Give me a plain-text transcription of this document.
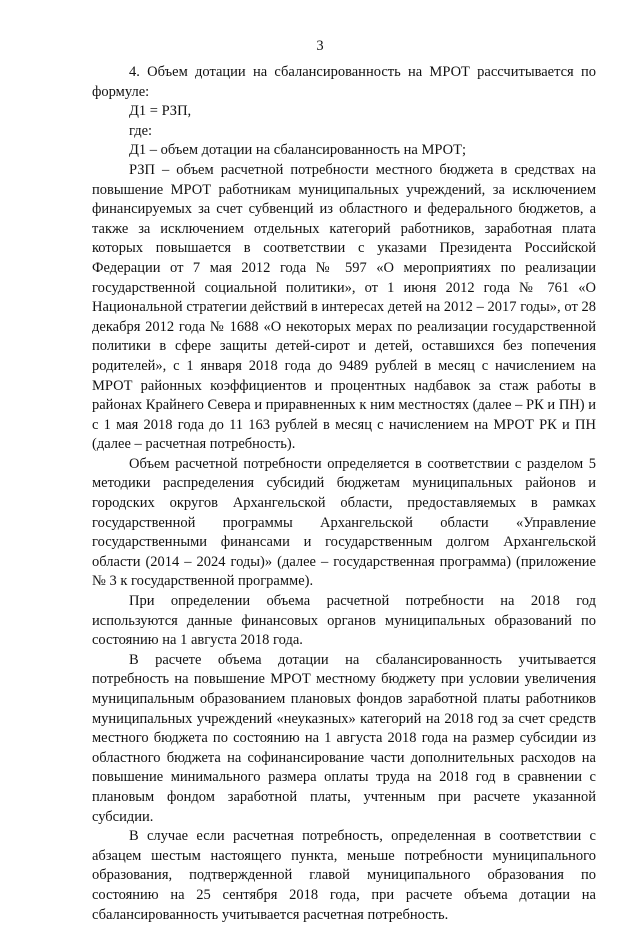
3

4. Объем дотации на сбалансированность на МРОТ рассчитывается по формуле:

Д1 = РЗП,

где:

Д1 – объем дотации на сбалансированность на МРОТ;

РЗП – объем расчетной потребности местного бюджета в средствах на повышение МРОТ работникам муниципальных учреждений, за исключением финансируемых за счет субвенций из областного и федерального бюджетов, а также за исключением отдельных категорий работников, заработная плата которых повышается в соответствии с указами Президента Российской Федерации от 7 мая 2012 года № 597 «О мероприятиях по реализации государственной социальной политики», от 1 июня 2012 года № 761 «О Национальной стратегии действий в интересах детей на 2012 – 2017 годы», от 28 декабря 2012 года № 1688 «О некоторых мерах по реализации государственной политики в сфере защиты детей-сирот и детей, оставшихся без попечения родителей», с 1 января 2018 года до 9489 рублей в месяц с начислением на МРОТ районных коэффициентов и процентных надбавок за стаж работы в районах Крайнего Севера и приравненных к ним местностях (далее – РК и ПН) и с 1 мая 2018 года до 11 163 рублей в месяц с начислением на МРОТ РК и ПН (далее – расчетная потребность).

Объем расчетной потребности определяется в соответствии с разделом 5 методики распределения субсидий бюджетам муниципальных районов и городских округов Архангельской области, предоставляемых в рамках государственной программы Архангельской области «Управление государственными финансами и государственным долгом Архангельской области (2014 – 2024 годы)» (далее – государственная программа) (приложение № 3 к государственной программе).

При определении объема расчетной потребности на 2018 год используются данные финансовых органов муниципальных образований по состоянию на 1 августа 2018 года.

В расчете объема дотации на сбалансированность учитывается потребность на повышение МРОТ местному бюджету при условии увеличения муниципальным образованием плановых фондов заработной платы работников муниципальных учреждений «неуказных» категорий на 2018 год за счет средств местного бюджета по состоянию на 1 августа 2018 года на размер субсидии из областного бюджета на софинансирование части дополнительных расходов на повышение минимального размера оплаты труда на 2018 год в сравнении с плановым фондом заработной платы, учтенным при расчете указанной субсидии.

В случае если расчетная потребность, определенная в соответствии с абзацем шестым настоящего пункта, меньше потребности муниципального образования, подтвержденной главой муниципального образования по состоянию на 25 сентября 2018 года, при расчете объема дотации на сбалансированность учитывается расчетная потребность.
